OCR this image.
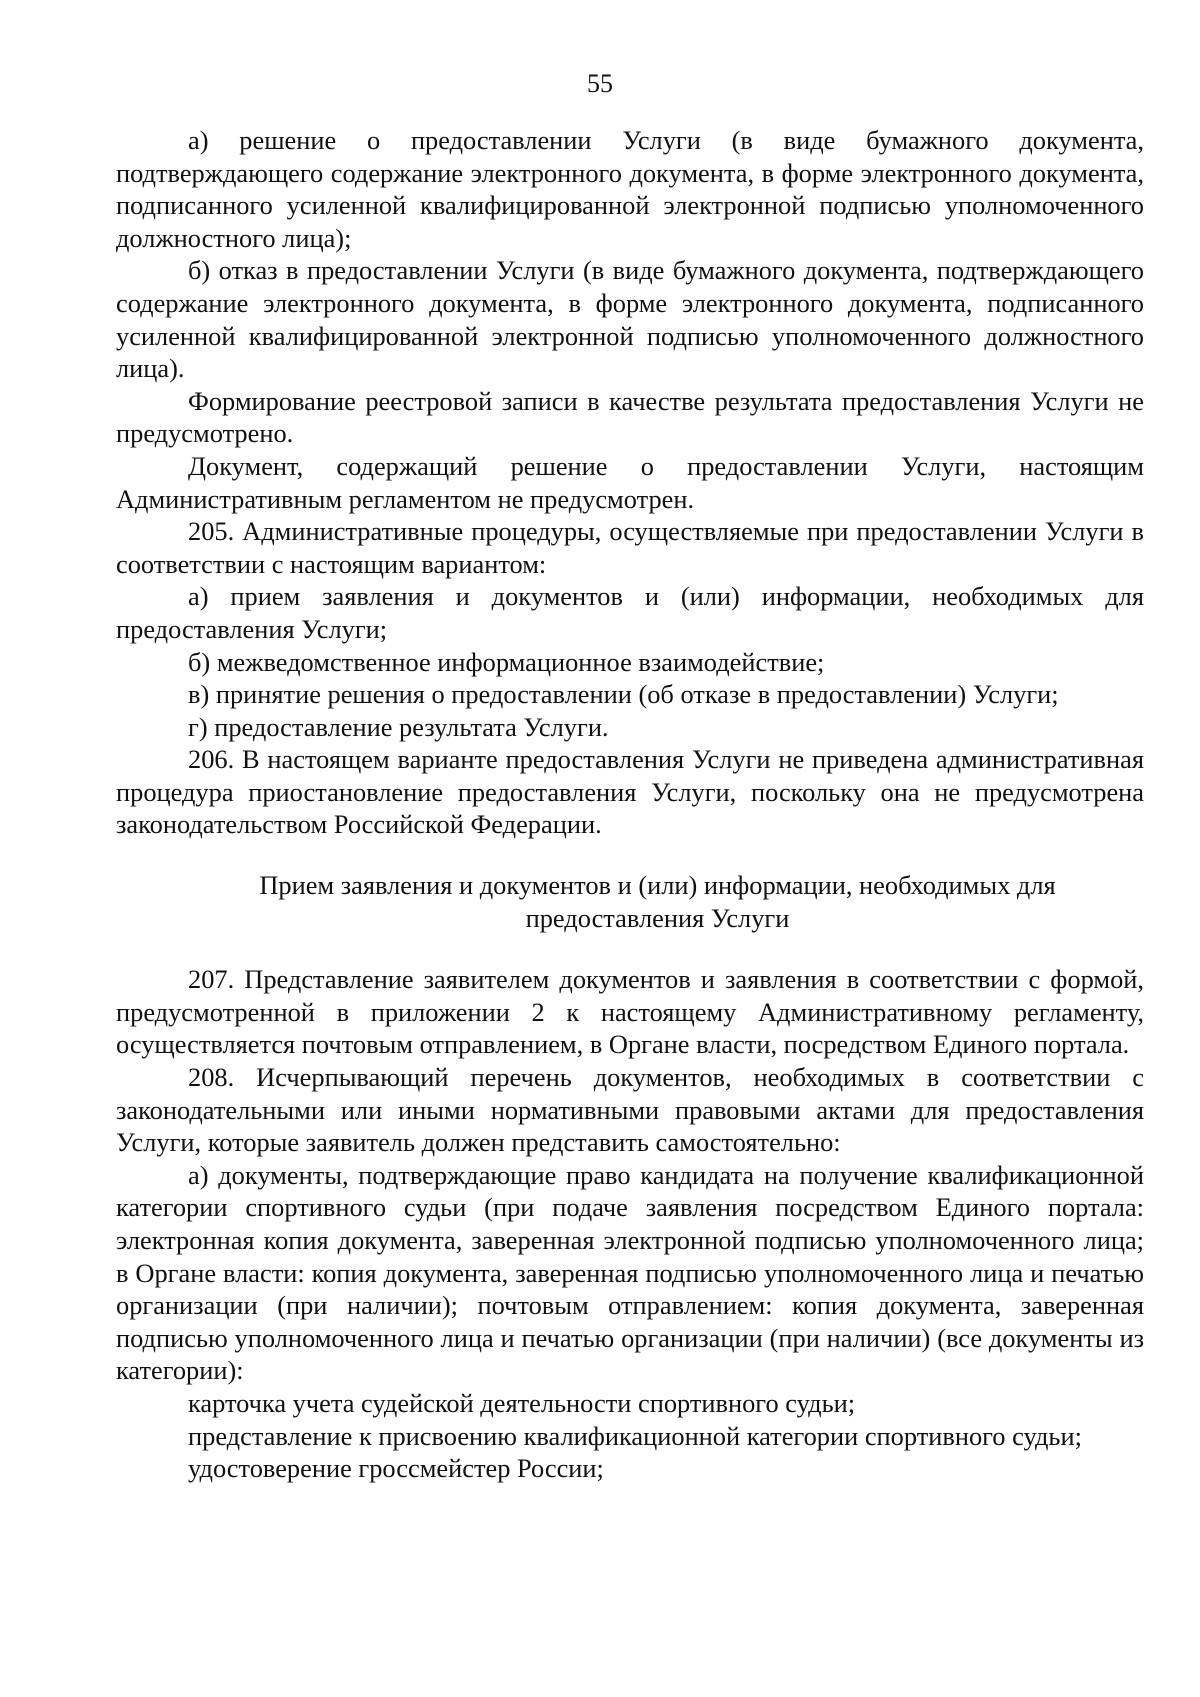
55

а) решение о предоставлении Услуги (в виде бумажного документа, подтверждающего содержание электронного документа, в форме электронного документа, подписанного усиленной квалифицированной электронной подписью уполномоченного должностного лица);

б) отказ в предоставлении Услуги (в виде бумажного документа, подтверждающего содержание электронного документа, в форме электронного документа, подписанного усиленной квалифицированной электронной подписью уполномоченного должностного лица).

Формирование реестровой записи в качестве результата предоставления Услуги не предусмотрено.

Документ, содержащий решение о предоставлении Услуги, настоящим Административным регламентом не предусмотрен.

205. Административные процедуры, осуществляемые при предоставлении Услуги в соответствии с настоящим вариантом:

а) прием заявления и документов и (или) информации, необходимых для предоставления Услуги;

б) межведомственное информационное взаимодействие;

в) принятие решения о предоставлении (об отказе в предоставлении) Услуги;

г) предоставление результата Услуги.

206. В настоящем варианте предоставления Услуги не приведена административная процедура приостановление предоставления Услуги, поскольку она не предусмотрена законодательством Российской Федерации.

Прием заявления и документов и (или) информации, необходимых для предоставления Услуги

207. Представление заявителем документов и заявления в соответствии с формой, предусмотренной в приложении 2 к настоящему Административному регламенту, осуществляется почтовым отправлением, в Органе власти, посредством Единого портала.

208. Исчерпывающий перечень документов, необходимых в соответствии с законодательными или иными нормативными правовыми актами для предоставления Услуги, которые заявитель должен представить самостоятельно:

а) документы, подтверждающие право кандидата на получение квалификационной категории спортивного судьи (при подаче заявления посредством Единого портала: электронная копия документа, заверенная электронной подписью уполномоченного лица; в Органе власти: копия документа, заверенная подписью уполномоченного лица и печатью организации (при наличии); почтовым отправлением: копия документа, заверенная подписью уполномоченного лица и печатью организации (при наличии) (все документы из категории):

карточка учета судейской деятельности спортивного судьи;

представление к присвоению квалификационной категории спортивного судьи;

удостоверение гроссмейстер России;
